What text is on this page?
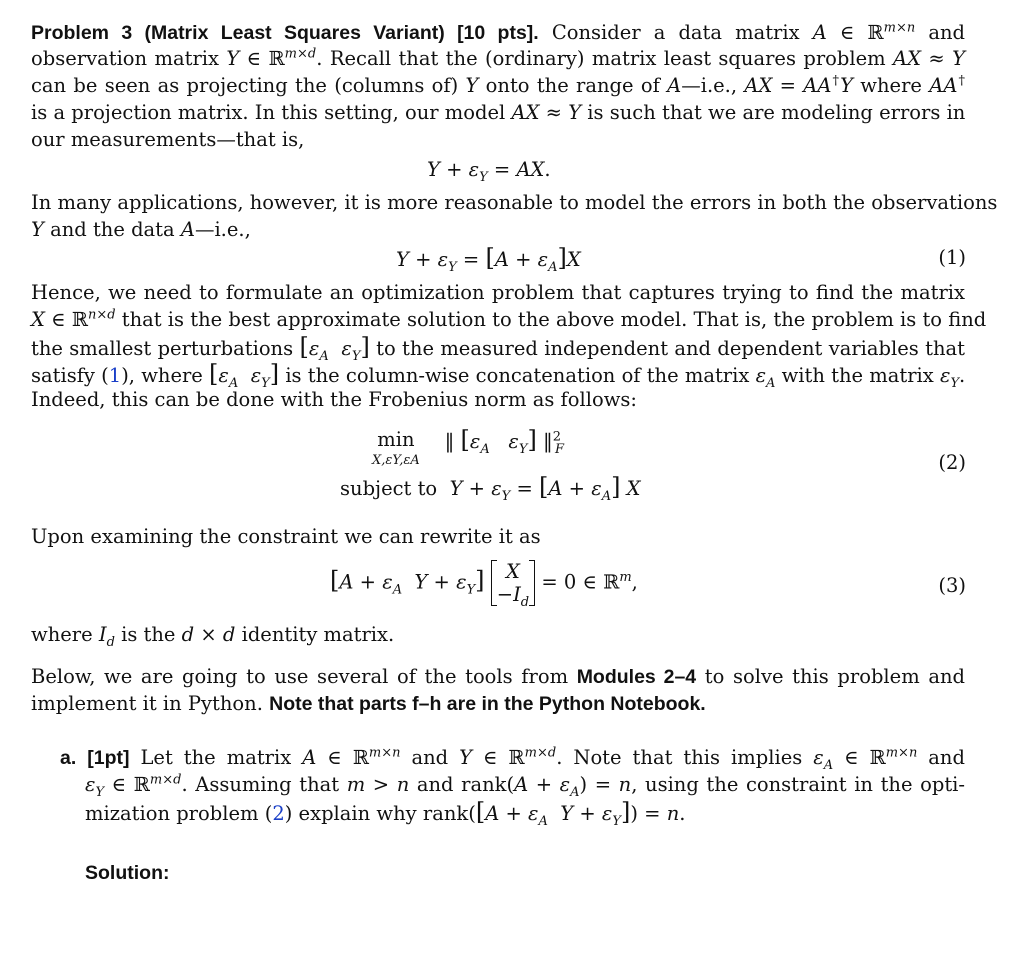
Problem 3 (Matrix Least Squares Variant) [10 pts]. Consider a data matrix A ∈ ℝ$^{m\times n}$ and
observation matrix Y ∈ ℝ$^{m\times d}$. Recall that the (ordinary) matrix least squares problem AX ≈ Y
can be seen as projecting the (columns of) Y onto the range of A—i.e., AX = AA†Y where AA†
is a projection matrix. In this setting, our model AX ≈ Y is such that we are modeling errors in
our measurements—that is,
$Y + \varepsilon_Y$ = AX.
In many applications, however, it is more reasonable to model the errors in both the observations
Y and the data A—i.e.,
$Y + \varepsilon_Y = [A + \varepsilon_A]X$	(1)
Hence, we need to formulate an optimization problem that captures trying to find the matrix
X ∈ ℝ$^{n\times d}$ that is the best approximate solution to the above model. That is, the problem is to find
the smallest perturbations [$\varepsilon_A$ $\varepsilon_Y$] to the measured independent and dependent variables that
satisfy (1), where [$\varepsilon_A$ $\varepsilon_Y$] is the column-wise concatenation of the matrix $\varepsilon_A$ with the matrix $\varepsilon_Y$.
Indeed, this can be done with the Frobenius norm as follows:
min
X,εY,εA
‖ [$\varepsilon_A$ $\varepsilon_Y$] ‖$^2_F$
(2)
subject to $Y + \varepsilon_Y = [A + \varepsilon_A]$ X
Upon examining the constraint we can rewrite it as
[$A + \varepsilon_A$ $Y + \varepsilon_Y$]	X
$-I_d$
= 0 ∈ ℝ$^m$,	(3)
where $I_d$ is the d × d identity matrix.
Below, we are going to use several of the tools from Modules 2–4 to solve this problem and
implement it in Python. Note that parts f–h are in the Python Notebook.
a. [1pt] Let the matrix A ∈ ℝ$^{m\times n}$ and Y ∈ ℝ$^{m\times d}$. Note that this implies $\varepsilon_A$ ∈ ℝ$^{m\times n}$ and
$\varepsilon_Y$ ∈ ℝ$^{m\times d}$. Assuming that m > n and rank(A + $\varepsilon_A) = n$, using the constraint in the opti-
mization problem (2) explain why rank([A + $\varepsilon_A$ $Y + \varepsilon_Y]) = n$.
Solution:
